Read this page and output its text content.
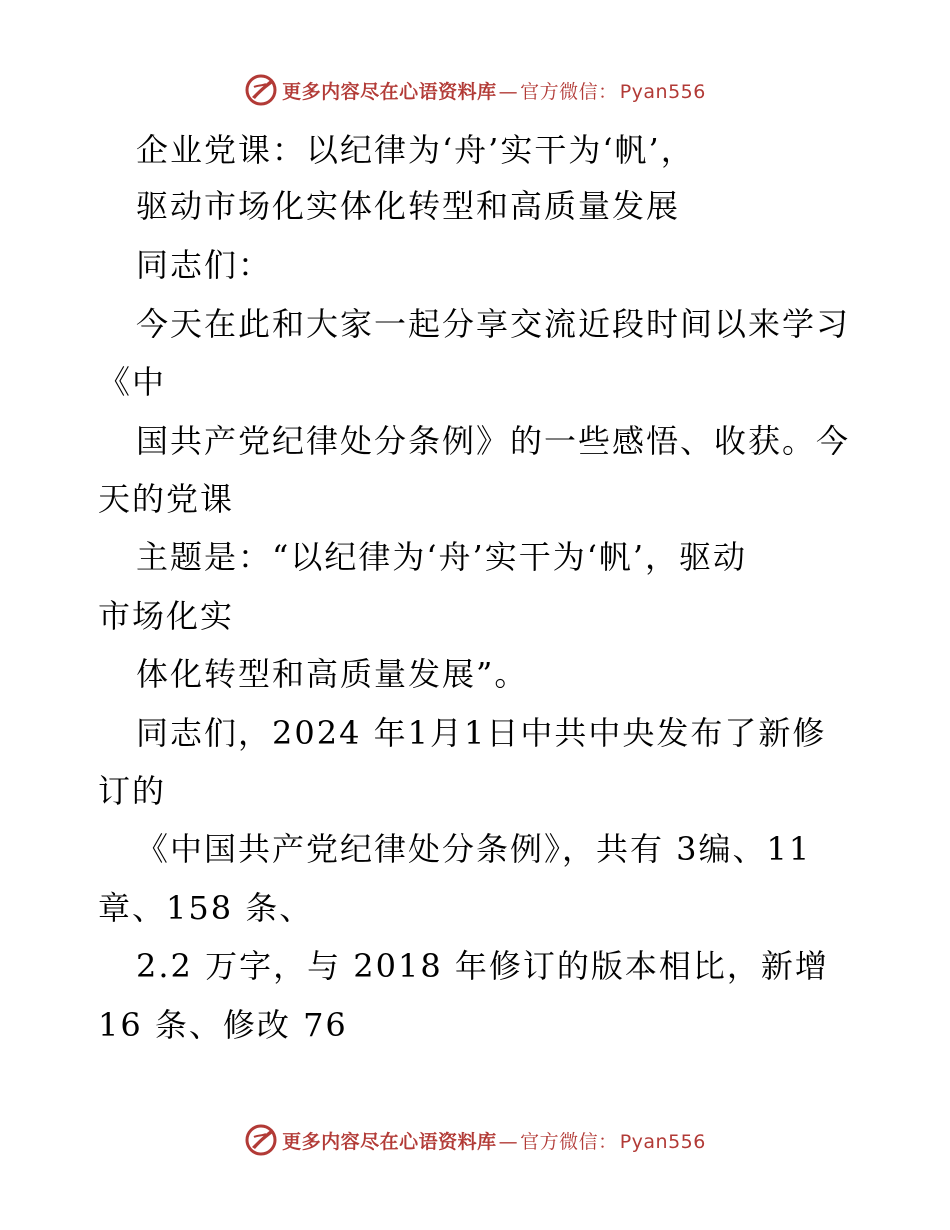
更多内容尽在心语资料库 — 官方微信： Pyan556
企业党课：以纪律为‘舟’实干为‘帆’，
驱动市场化实体化转型和高质量发展
同志们：
今天在此和大家一起分享交流近段时间以来学习
《中
国共产党纪律处分条例》的一些感悟、收获。今
天的党课
主题是：“以纪律为‘舟’实干为‘帆’，驱动
市场化实
体化转型和高质量发展”。
同志们，2024 年1月1日中共中央发布了新修
订的
《中国共产党纪律处分条例》，共有 3编、11
章、158 条、
2.2 万字，与 2018 年修订的版本相比，新增
16 条、修改 76
更多内容尽在心语资料库 — 官方微信： Pyan556
